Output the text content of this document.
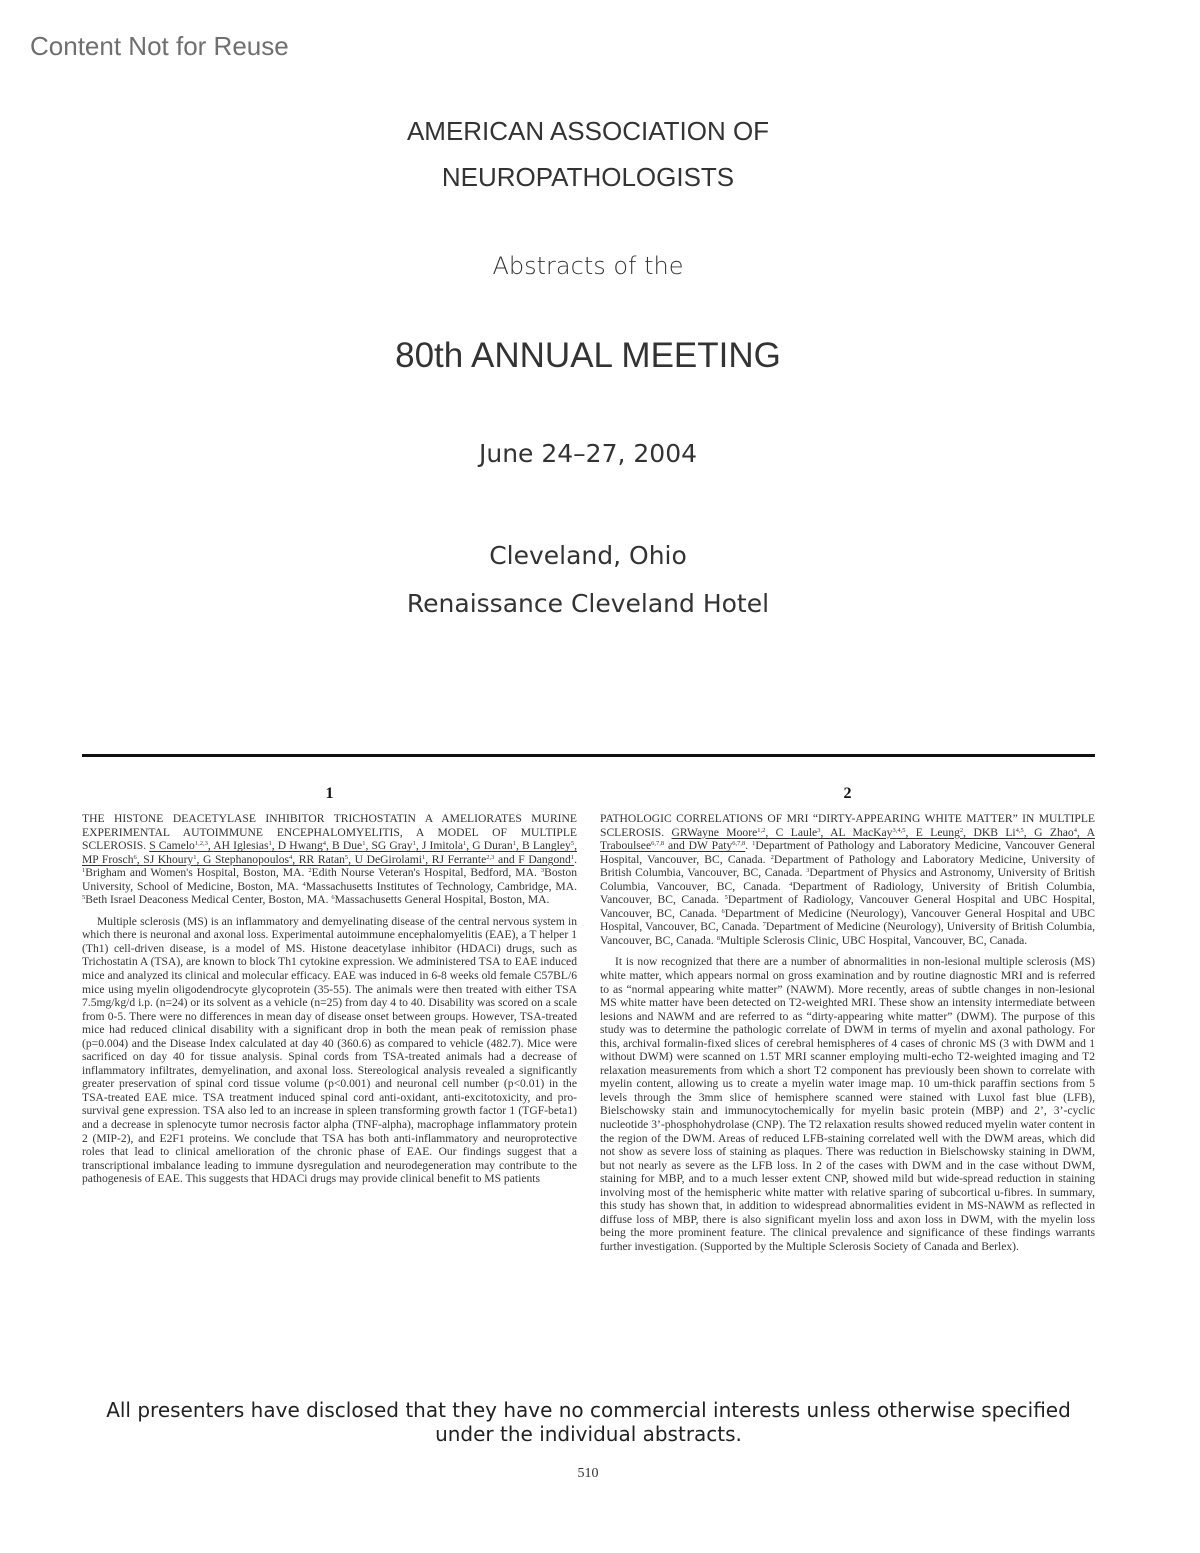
Content Not for Reuse
AMERICAN ASSOCIATION OF
NEUROPATHOLOGISTS
Abstracts of the
80th ANNUAL MEETING
June 24–27, 2004
Cleveland, Ohio
Renaissance Cleveland Hotel
1

THE HISTONE DEACETYLASE INHIBITOR TRICHOSTATIN A AMELIORATES MURINE EXPERIMENTAL AUTOIMMUNE ENCEPHALOMYELITIS, A MODEL OF MULTIPLE SCLEROSIS. S Camelo$^{1,2,3}$, AH Iglesias$^1$, D Hwang$^4$, B Due$^1$, SG Gray$^1$, J Imitola$^1$, G Duran$^1$, B Langley$^5$, MP Frosch$^6$, SJ Khoury$^1$, G Stephanopoulos$^4$, RR Ratan$^5$, U DeGirolami$^1$, RJ Ferrante$^{2,3}$ and F Dangond$^1$. $^1$Brigham and Women's Hospital, Boston, MA. $^2$Edith Nourse Veteran's Hospital, Bedford, MA. $^3$Boston University, School of Medicine, Boston, MA. $^4$Massachusetts Institutes of Technology, Cambridge, MA. $^5$Beth Israel Deaconess Medical Center, Boston, MA. $^6$Massachusetts General Hospital, Boston, MA.

Multiple sclerosis (MS) is an inflammatory and demyelinating disease of the central nervous system in which there is neuronal and axonal loss. Experimental autoimmune encephalomyelitis (EAE), a T helper 1 (Th1) cell-driven disease, is a model of MS. Histone deacetylase inhibitor (HDACi) drugs, such as Trichostatin A (TSA), are known to block Th1 cytokine expression. We administered TSA to EAE induced mice and analyzed its clinical and molecular efficacy. EAE was induced in 6-8 weeks old female C57BL/6 mice using myelin oligodendrocyte glycoprotein (35-55). The animals were then treated with either TSA 7.5mg/kg/d i.p. (n=24) or its solvent as a vehicle (n=25) from day 4 to 40. Disability was scored on a scale from 0-5. There were no differences in mean day of disease onset between groups. However, TSA-treated mice had reduced clinical disability with a significant drop in both the mean peak of remission phase (p=0.004) and the Disease Index calculated at day 40 (360.6) as compared to vehicle (482.7). Mice were sacrificed on day 40 for tissue analysis. Spinal cords from TSA-treated animals had a decrease of inflammatory infiltrates, demyelination, and axonal loss. Stereological analysis revealed a significantly greater preservation of spinal cord tissue volume (p<0.001) and neuronal cell number (p<0.01) in the TSA-treated EAE mice. TSA treatment induced spinal cord anti-oxidant, anti-excitotoxicity, and pro-survival gene expression. TSA also led to an increase in spleen transforming growth factor 1 (TGF-beta1) and a decrease in splenocyte tumor necrosis factor alpha (TNF-alpha), macrophage inflammatory protein 2 (MIP-2), and E2F1 proteins. We conclude that TSA has both anti-inflammatory and neuroprotective roles that lead to clinical amelioration of the chronic phase of EAE. Our findings suggest that a transcriptional imbalance leading to immune dysregulation and neurodegeneration may contribute to the pathogenesis of EAE. This suggests that HDACi drugs may provide clinical benefit to MS patients

2

PATHOLOGIC CORRELATIONS OF MRI “DIRTY-APPEARING WHITE MATTER” IN MULTIPLE SCLEROSIS. GRWayne Moore$^{1,2}$, C Laule$^3$, AL MacKay$^{3,4,5}$, E Leung$^2$, DKB Li$^{4,5}$, G Zhao$^4$, A Traboulsee$^{6,7,8}$ and DW Paty$^{6,7,8}$. $^1$Department of Pathology and Laboratory Medicine, Vancouver General Hospital, Vancouver, BC, Canada. $^2$Department of Pathology and Laboratory Medicine, University of British Columbia, Vancouver, BC, Canada. $^3$Department of Physics and Astronomy, University of British Columbia, Vancouver, BC, Canada. $^4$Department of Radiology, University of British Columbia, Vancouver, BC, Canada. $^5$Department of Radiology, Vancouver General Hospital and UBC Hospital, Vancouver, BC, Canada. $^6$Department of Medicine (Neurology), Vancouver General Hospital and UBC Hospital, Vancouver, BC, Canada. $^7$Department of Medicine (Neurology), University of British Columbia, Vancouver, BC, Canada. $^8$Multiple Sclerosis Clinic, UBC Hospital, Vancouver, BC, Canada.

It is now recognized that there are a number of abnormalities in non-lesional multiple sclerosis (MS) white matter, which appears normal on gross examination and by routine diagnostic MRI and is referred to as “normal appearing white matter” (NAWM). More recently, areas of subtle changes in non-lesional MS white matter have been detected on T2-weighted MRI. These show an intensity intermediate between lesions and NAWM and are referred to as “dirty-appearing white matter” (DWM). The purpose of this study was to determine the pathologic correlate of DWM in terms of myelin and axonal pathology. For this, archival formalin-fixed slices of cerebral hemispheres of 4 cases of chronic MS (3 with DWM and 1 without DWM) were scanned on 1.5T MRI scanner employing multi-echo T2-weighted imaging and T2 relaxation measurements from which a short T2 component has previously been shown to correlate with myelin content, allowing us to create a myelin water image map. 10 um-thick paraffin sections from 5 levels through the 3mm slice of hemisphere scanned were stained with Luxol fast blue (LFB), Bielschowsky stain and immunocytochemically for myelin basic protein (MBP) and 2’, 3’-cyclic nucleotide 3’-phosphohydrolase (CNP). The T2 relaxation results showed reduced myelin water content in the region of the DWM. Areas of reduced LFB-staining correlated well with the DWM areas, which did not show as severe loss of staining as plaques. There was reduction in Bielschowsky staining in DWM, but not nearly as severe as the LFB loss. In 2 of the cases with DWM and in the case without DWM, staining for MBP, and to a much lesser extent CNP, showed mild but wide-spread reduction in staining involving most of the hemispheric white matter with relative sparing of subcortical u-fibres. In summary, this study has shown that, in addition to widespread abnormalities evident in MS-NAWM as reflected in diffuse loss of MBP, there is also significant myelin loss and axon loss in DWM, with the myelin loss being the more prominent feature. The clinical prevalence and significance of these findings warrants further investigation. (Supported by the Multiple Sclerosis Society of Canada and Berlex).

All presenters have disclosed that they have no commercial interests unless otherwise specified under the individual abstracts.
510
